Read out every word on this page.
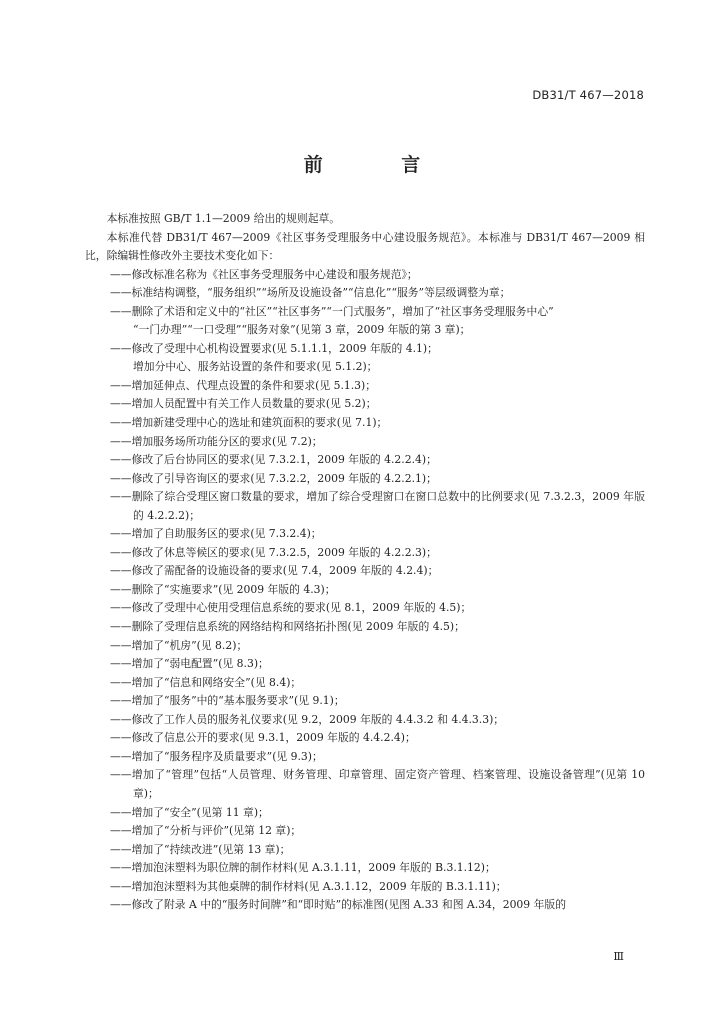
DB31/T 467—2018
前 言

本标准按照 GB/T 1.1—2009 给出的规则起草。

本标准代替 DB31/T 467—2009《社区事务受理服务中心建设服务规范》。本标准与 DB31/T 467—2009 相比，除编辑性修改外主要技术变化如下：

——修改标准名称为《社区事务受理服务中心建设和服务规范》；

——标准结构调整，“服务组织”“场所及设施设备”“信息化”“服务”等层级调整为章；

——删除了术语和定义中的“社区”“社区事务”“一门式服务”，增加了“社区事务受理服务中心”

“一门办理”“一口受理”“服务对象”(见第 3 章，2009 年版的第 3 章)；

——修改了受理中心机构设置要求(见 5.1.1.1，2009 年版的 4.1)；

增加分中心、服务站设置的条件和要求(见 5.1.2)；

——增加延伸点、代理点设置的条件和要求(见 5.1.3)；

——增加人员配置中有关工作人员数量的要求(见 5.2)；

——增加新建受理中心的选址和建筑面积的要求(见 7.1)；

——增加服务场所功能分区的要求(见 7.2)；

——修改了后台协同区的要求(见 7.3.2.1，2009 年版的 4.2.2.4)；

——修改了引导咨询区的要求(见 7.3.2.2，2009 年版的 4.2.2.1)；

——删除了综合受理区窗口数量的要求，增加了综合受理窗口在窗口总数中的比例要求(见 7.3.2.3，2009 年版的 4.2.2.2)；

——增加了自助服务区的要求(见 7.3.2.4)；

——修改了休息等候区的要求(见 7.3.2.5，2009 年版的 4.2.2.3)；

——修改了需配备的设施设备的要求(见 7.4，2009 年版的 4.2.4)；

——删除了“实施要求”(见 2009 年版的 4.3)；

——修改了受理中心使用受理信息系统的要求(见 8.1，2009 年版的 4.5)；

——删除了受理信息系统的网络结构和网络拓扑图(见 2009 年版的 4.5)；

——增加了“机房”(见 8.2)；

——增加了“弱电配置”(见 8.3)；

——增加了“信息和网络安全”(见 8.4)；

——增加了“服务”中的“基本服务要求”(见 9.1)；

——修改了工作人员的服务礼仪要求(见 9.2，2009 年版的 4.4.3.2 和 4.4.3.3)；

——修改了信息公开的要求(见 9.3.1，2009 年版的 4.4.2.4)；

——增加了“服务程序及质量要求”(见 9.3)；

——增加了“管理”包括“人员管理、财务管理、印章管理、固定资产管理、档案管理、设施设备管理”(见第 10 章)；

——增加了“安全”(见第 11 章)；

——增加了“分析与评价”(见第 12 章)；

——增加了“持续改进”(见第 13 章)；

——增加泡沫塑料为职位牌的制作材料(见 A.3.1.11，2009 年版的 B.3.1.12)；

——增加泡沫塑料为其他桌牌的制作材料(见 A.3.1.12，2009 年版的 B.3.1.11)；

——修改了附录 A 中的“服务时间牌”和“即时贴”的标准图(见图 A.33 和图 A.34，2009 年版的

Ⅲ
